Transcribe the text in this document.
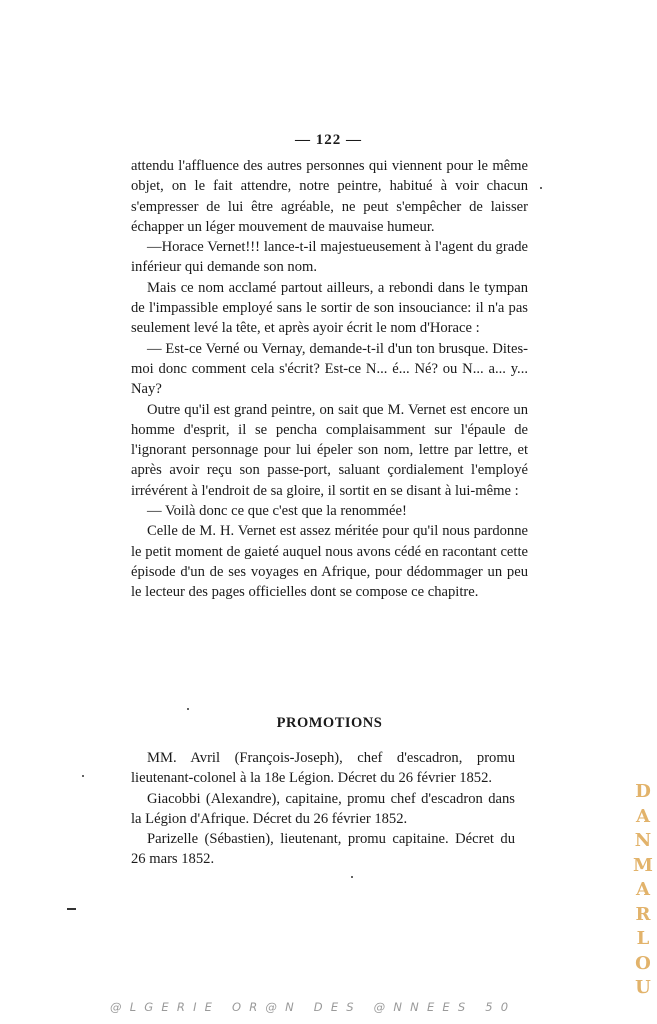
— 122 —

attendu l'affluence des autres personnes qui viennent pour le même objet, on le fait attendre, notre peintre, habitué à voir chacun s'empresser de lui être agréable, ne peut s'empêcher de laisser échapper un léger mouvement de mauvaise humeur.

—Horace Vernet!!! lance-t-il majestueusement à l'agent du grade inférieur qui demande son nom.

Mais ce nom acclamé partout ailleurs, a rebondi dans le tympan de l'impassible employé sans le sortir de son insouciance: il n'a pas seulement levé la tête, et après ayoir écrit le nom d'Horace :

— Est-ce Verné ou Vernay, demande-t-il d'un ton brusque. Dites-moi donc comment cela s'écrit? Est-ce N... é... Né? ou N... a... y... Nay?

Outre qu'il est grand peintre, on sait que M. Vernet est encore un homme d'esprit, il se pencha complaisamment sur l'épaule de l'ignorant personnage pour lui épeler son nom, lettre par lettre, et après avoir reçu son passe-port, saluant çordialement l'employé irrévérent à l'endroit de sa gloire, il sortit en se disant à lui-même :

— Voilà donc ce que c'est que la renommée!

Celle de M. H. Vernet est assez méritée pour qu'il nous pardonne le petit moment de gaieté auquel nous avons cédé en racontant cette épisode d'un de ses voyages en Afrique, pour dédommager un peu le lecteur des pages officielles dont se compose ce chapitre.

PROMOTIONS

MM. Avril (François-Joseph), chef d'escadron, promu lieutenant-colonel à la 18e Légion. Décret du 26 février 1852.

Giacobbi (Alexandre), capitaine, promu chef d'escadron dans la Légion d'Afrique. Décret du 26 février 1852.

Parizelle (Sébastien), lieutenant, promu capitaine. Décret du 26 mars 1852.

D
A
N
M
A
R
L
O
U
@LGERIE OR@N DES @NNEES 50
